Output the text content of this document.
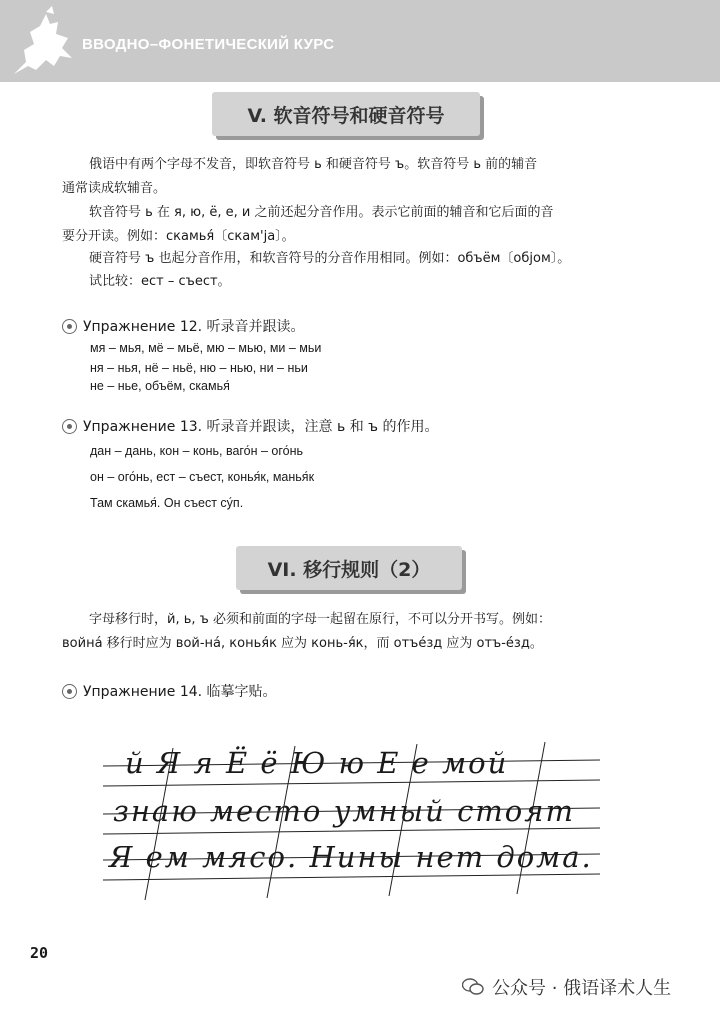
ВВОДНО–ФОНЕТИЧЕСКИЙ КУРС
V. 软音符号和硬音符号
俄语中有两个字母不发音，即软音符号 ь 和硬音符号 ъ。软音符号 ь 前的辅音
通常读成软辅音。
软音符号 ь 在 я, ю, ё, е, и 之前还起分音作用。表示它前面的辅音和它后面的音
要分开读。例如：скамья́〔скам'ja〕。
硬音符号 ъ 也起分音作用，和软音符号的分音作用相同。例如：объём〔обjом〕。
试比较：ест – съест。
Упражнение 12. 听录音并跟读。
мя – мья, мё – мьё, мю – мью, ми – мьи
ня – нья, нё – ньё, ню – нью, ни – ньи
не – нье, объём, скамья́
Упражнение 13. 听录音并跟读，注意 ь 和 ъ 的作用。
дан – дань, кон – конь, ваго́н – ого́нь
он – ого́нь, ест – съест, конья́к, манья́к
Там скамья́. Он съест су́п.
VI. 移行规则（2）
字母移行时，й, ь, ъ 必须和前面的字母一起留在原行，不可以分开书写。例如：
война́ 移行时应为 вой-на́, конья́к 应为 конь-я́к，而 отъе́зд 应为 отъ-е́зд。
Упражнение 14. 临摹字贴。
й Я я Ё ё Ю ю Е е мой
знаю место умный стоят
Я ем мясо. Нины нет дома.
20
公众号 · 俄语译术人生
